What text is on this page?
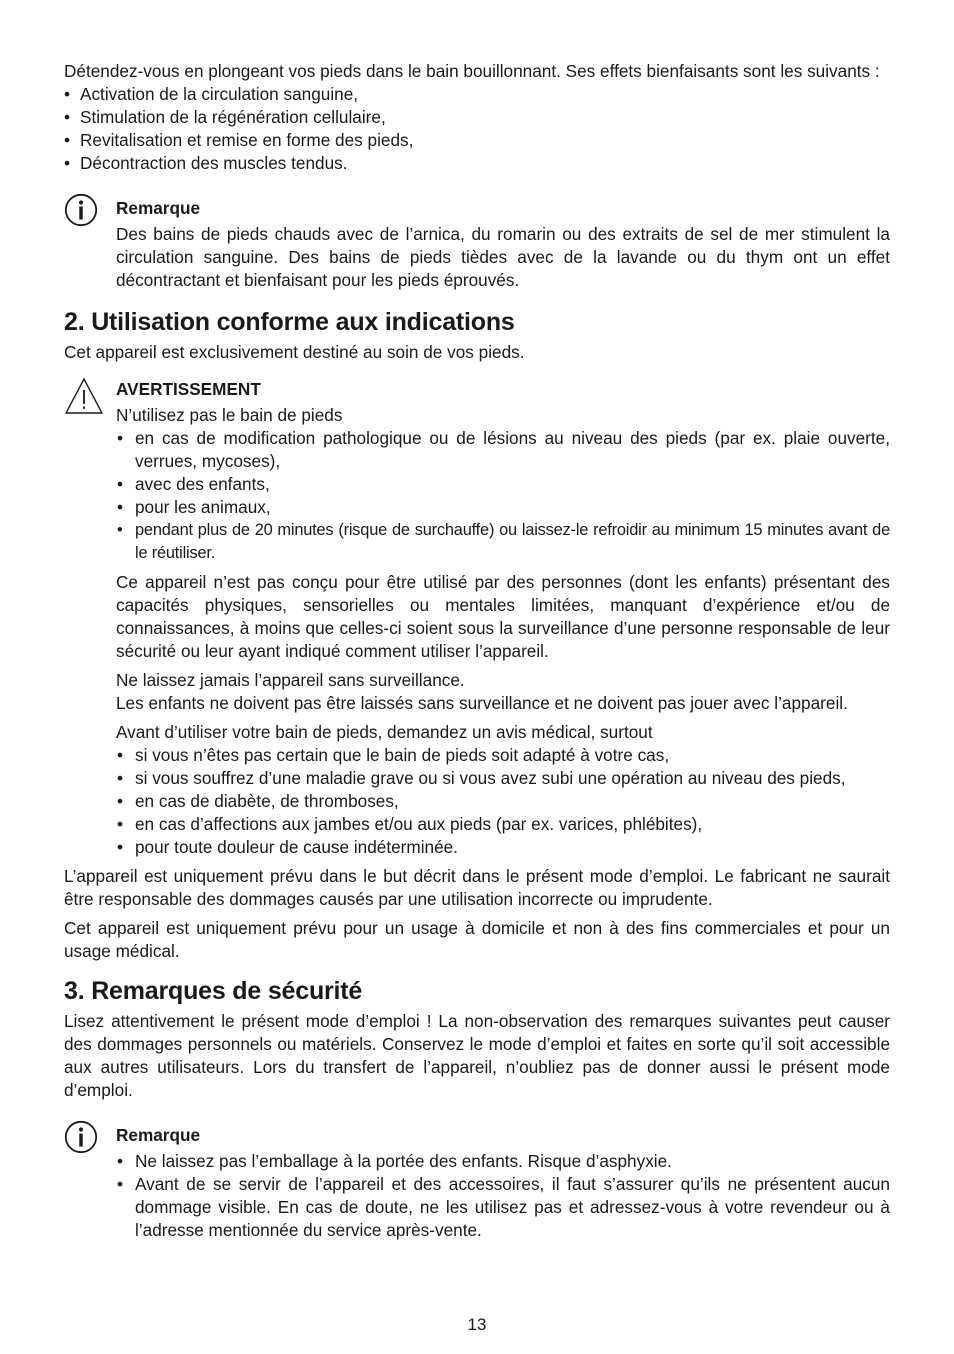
Détendez-vous en plongeant vos pieds dans le bain bouillonnant. Ses effets bienfaisants sont les suivants :

• Activation de la circulation sanguine,
• Stimulation de la régénération cellulaire,
• Revitalisation et remise en forme des pieds,
• Décontraction des muscles tendus.
Remarque

Des bains de pieds chauds avec de l’arnica, du romarin ou des extraits de sel de mer stimulent la circulation sanguine. Des bains de pieds tièdes avec de la lavande ou du thym ont un effet décontractant et bienfaisant pour les pieds éprouvés.

2. Utilisation conforme aux indications

Cet appareil est exclusivement destiné au soin de vos pieds.

AVERTISSEMENT
N’utilisez pas le bain de pieds
• en cas de modification pathologique ou de lésions au niveau des pieds (par ex. plaie ouverte, verrues, mycoses),
• avec des enfants,
• pour les animaux,
• pendant plus de 20 minutes (risque de surchauffe) ou laissez-le refroidir au minimum 15 minutes avant de le réutiliser.

Ce appareil n’est pas conçu pour être utilisé par des personnes (dont les enfants) présentant des capacités physiques, sensorielles ou mentales limitées, manquant d’expérience et/ou de connaissances, à moins que celles-ci soient sous la surveillance d’une personne responsable de leur sécurité ou leur ayant indiqué comment utiliser l’appareil.

Ne laissez jamais l’appareil sans surveillance.

Les enfants ne doivent pas être laissés sans surveillance et ne doivent pas jouer avec l’appareil.

Avant d’utiliser votre bain de pieds, demandez un avis médical, surtout

• si vous n’êtes pas certain que le bain de pieds soit adapté à votre cas,
• si vous souffrez d’une maladie grave ou si vous avez subi une opération au niveau des pieds,
• en cas de diabète, de thromboses,
• en cas d’affections aux jambes et/ou aux pieds (par ex. varices, phlébites),
• pour toute douleur de cause indéterminée.

L’appareil est uniquement prévu dans le but décrit dans le présent mode d’emploi. Le fabricant ne saurait être responsable des dommages causés par une utilisation incorrecte ou imprudente.

Cet appareil est uniquement prévu pour un usage à domicile et non à des fins commerciales et pour un usage médical.

3. Remarques de sécurité

Lisez attentivement le présent mode d’emploi ! La non-observation des remarques suivantes peut causer des dommages personnels ou matériels. Conservez le mode d’emploi et faites en sorte qu’il soit accessible aux autres utilisateurs. Lors du transfert de l’appareil, n’oubliez pas de donner aussi le présent mode d’emploi.

Remarque
• Ne laissez pas l’emballage à la portée des enfants. Risque d’asphyxie.
• Avant de se servir de l’appareil et des accessoires, il faut s’assurer qu’ils ne présentent aucun dommage visible. En cas de doute, ne les utilisez pas et adressez-vous à votre revendeur ou à l’adresse mentionnée du service après-vente.
13
